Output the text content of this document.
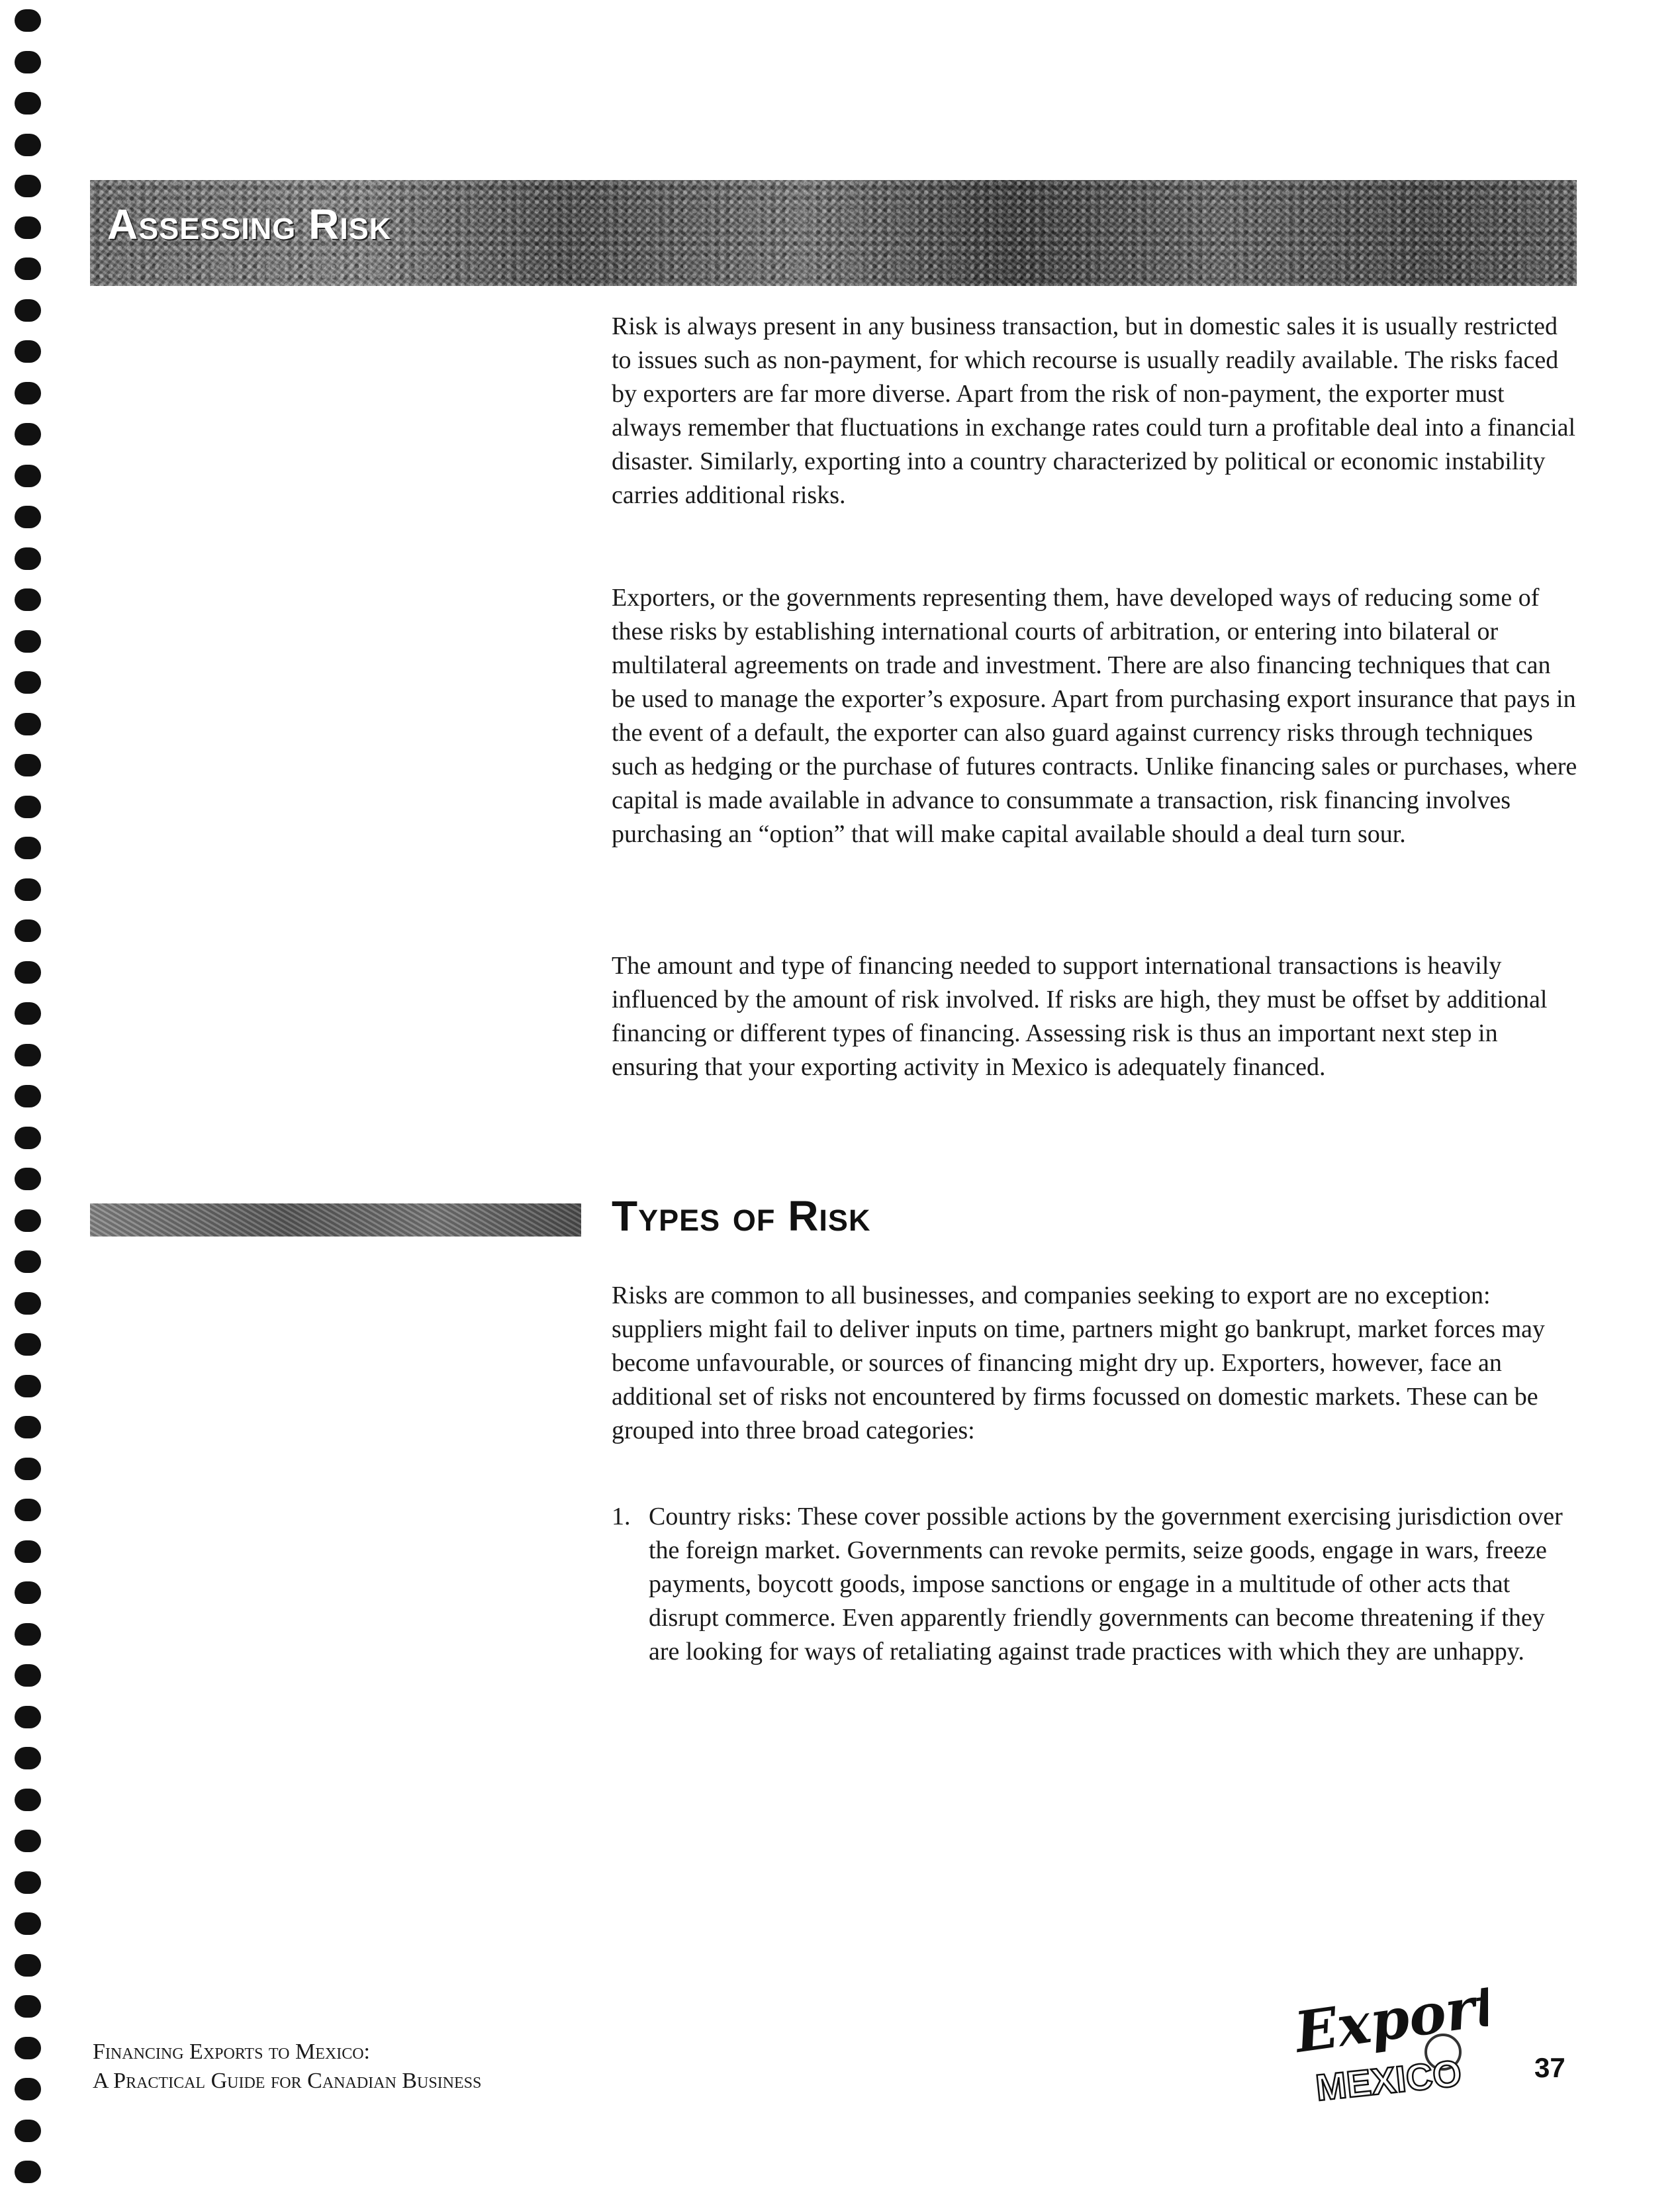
Assessing Risk

Risk is always present in any business transaction, but in domestic sales it is usually restricted to issues such as non-payment, for which recourse is usually readily available. The risks faced by exporters are far more diverse. Apart from the risk of non-payment, the exporter must always remember that fluctuations in exchange rates could turn a profitable deal into a financial disaster. Similarly, exporting into a country characterized by political or economic instability carries additional risks.

Exporters, or the governments representing them, have developed ways of reducing some of these risks by establishing international courts of arbitration, or entering into bilateral or multilateral agreements on trade and investment. There are also financing techniques that can be used to manage the exporter’s exposure. Apart from purchasing export insurance that pays in the event of a default, the exporter can also guard against currency risks through techniques such as hedging or the purchase of futures contracts. Unlike financing sales or purchases, where capital is made available in advance to consummate a transaction, risk financing involves purchasing an “option” that will make capital available should a deal turn sour.

The amount and type of financing needed to support international transactions is heavily influenced by the amount of risk involved. If risks are high, they must be offset by additional financing or different types of financing. Assessing risk is thus an important next step in ensuring that your exporting activity in Mexico is adequately financed.

Types of Risk

Risks are common to all businesses, and companies seeking to export are no exception: suppliers might fail to deliver inputs on time, partners might go bankrupt, market forces may become unfavourable, or sources of financing might dry up. Exporters, however, face an additional set of risks not encountered by firms focussed on domestic markets. These can be grouped into three broad categories:

1. Country risks: These cover possible actions by the government exercising jurisdiction over the foreign market. Governments can revoke permits, seize goods, engage in wars, freeze payments, boycott goods, impose sanctions or engage in a multitude of other acts that disrupt commerce. Even apparently friendly governments can become threatening if they are looking for ways of retaliating against trade practices with which they are unhappy.

Financing Exports to Mexico:
A Practical Guide for Canadian Business
Export
MEXICO	37
